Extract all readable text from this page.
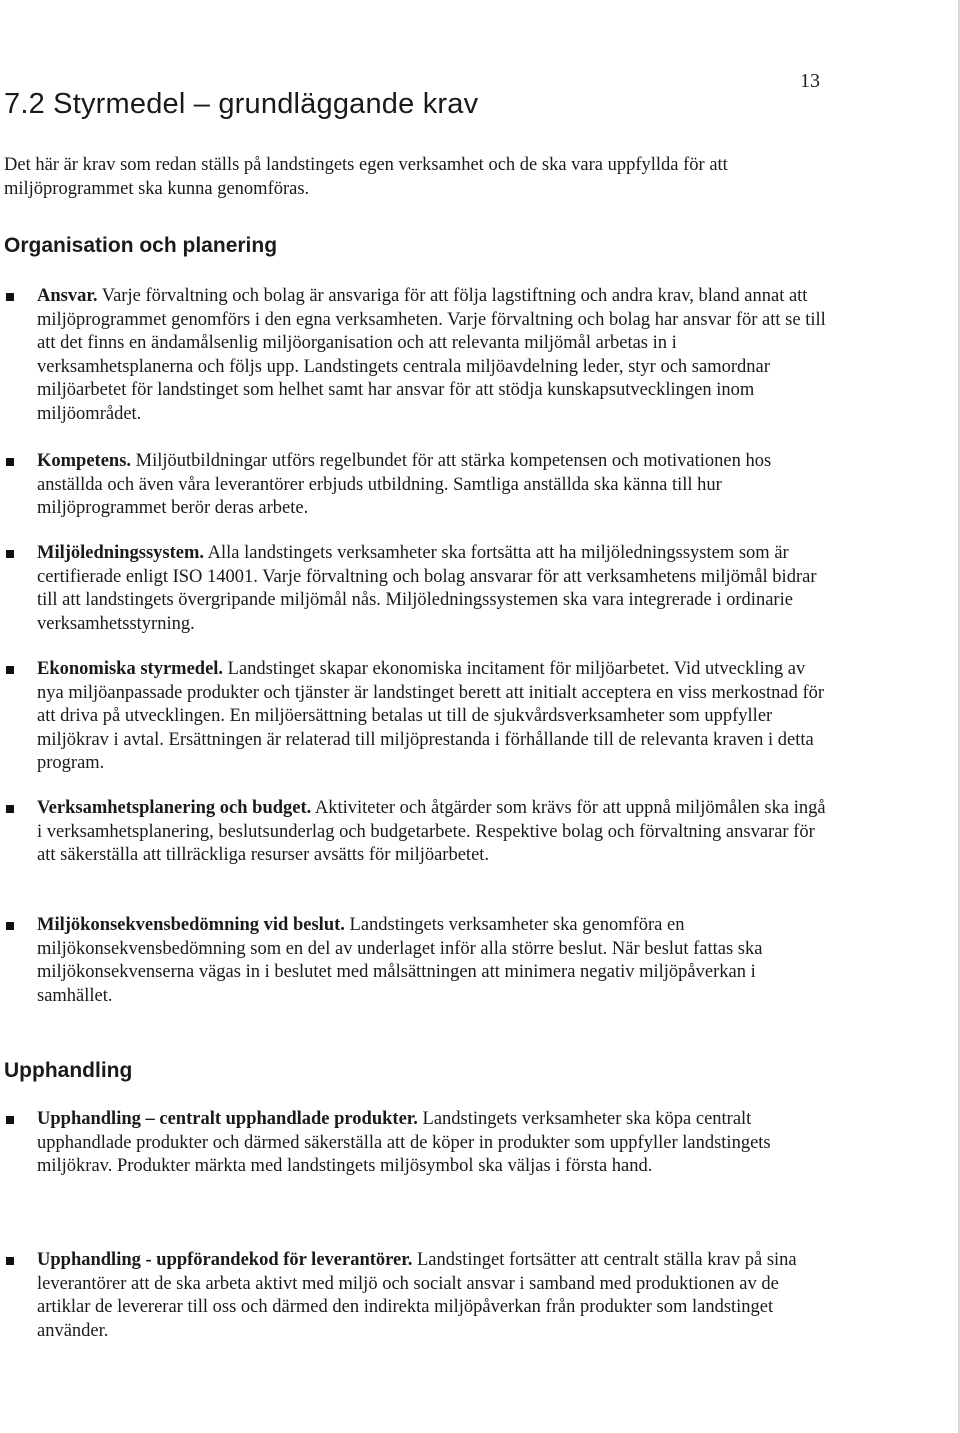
13
7.2 Styrmedel – grundläggande krav

Det här är krav som redan ställs på landstingets egen verksamhet och de ska vara uppfyllda för att miljöprogrammet ska kunna genomföras.

Organisation och planering

Ansvar. Varje förvaltning och bolag är ansvariga för att följa lagstiftning och andra krav, bland annat att miljöprogrammet genomförs i den egna verksamheten. Varje förvaltning och bolag har ansvar för att se till att det finns en ändamålsenlig miljöorganisation och att relevanta miljömål arbetas in i verksamhetsplanerna och följs upp. Landstingets centrala miljöavdelning leder, styr och samordnar miljöarbetet för landstinget som helhet samt har ansvar för att stödja kunskapsutvecklingen inom miljöområdet.

Kompetens. Miljöutbildningar utförs regelbundet för att stärka kompetensen och motivationen hos anställda och även våra leverantörer erbjuds utbildning. Samtliga anställda ska känna till hur miljöprogrammet berör deras arbete.

Miljöledningssystem. Alla landstingets verksamheter ska fortsätta att ha miljöledningssystem som är certifierade enligt ISO 14001. Varje förvaltning och bolag ansvarar för att verksamhetens miljömål bidrar till att landstingets övergripande miljömål nås. Miljöledningssystemen ska vara integrerade i ordinarie verksamhetsstyrning.

Ekonomiska styrmedel. Landstinget skapar ekonomiska incitament för miljöarbetet. Vid utveckling av nya miljöanpassade produkter och tjänster är landstinget berett att initialt acceptera en viss merkostnad för att driva på utvecklingen. En miljöersättning betalas ut till de sjukvårdsverksamheter som uppfyller miljökrav i avtal. Ersättningen är relaterad till miljöprestanda i förhållande till de relevanta kraven i detta program.

Verksamhetsplanering och budget. Aktiviteter och åtgärder som krävs för att uppnå miljömålen ska ingå i verksamhetsplanering, beslutsunderlag och budgetarbete. Respektive bolag och förvaltning ansvarar för att säkerställa att tillräckliga resurser avsätts för miljöarbetet.

Miljökonsekvensbedömning vid beslut. Landstingets verksamheter ska genomföra en miljökonsekvensbedömning som en del av underlaget inför alla större beslut. När beslut fattas ska miljökonsekvenserna vägas in i beslutet med målsättningen att minimera negativ miljöpåverkan i samhället.

Upphandling

Upphandling – centralt upphandlade produkter. Landstingets verksamheter ska köpa centralt upphandlade produkter och därmed säkerställa att de köper in produkter som uppfyller landstingets miljökrav. Produkter märkta med landstingets miljösymbol ska väljas i första hand.

Upphandling - uppförandekod för leverantörer. Landstinget fortsätter att centralt ställa krav på sina leverantörer att de ska arbeta aktivt med miljö och socialt ansvar i samband med produktionen av de artiklar de levererar till oss och därmed den indirekta miljöpåverkan från produkter som landstinget använder.
